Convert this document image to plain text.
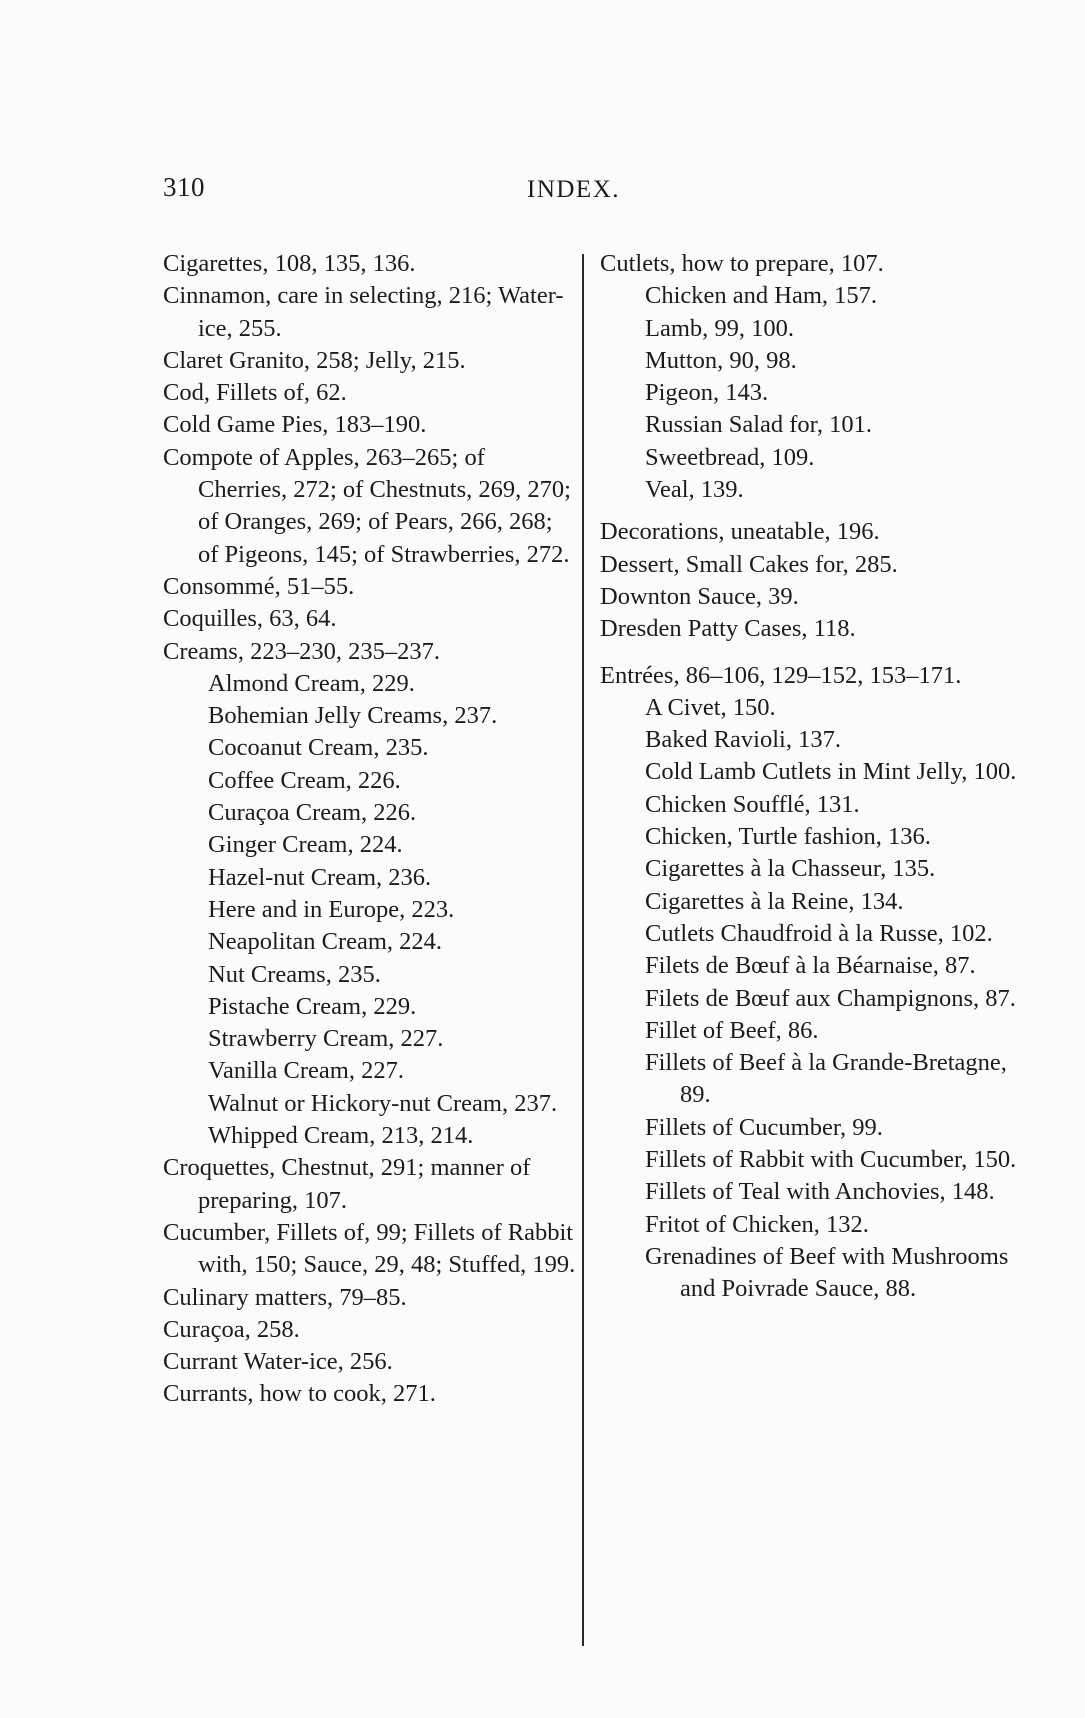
310	INDEX.

Cigarettes, 108, 135, 136.

Cinnamon, care in selecting, 216; Water-ice, 255.

Claret Granito, 258; Jelly, 215.

Cod, Fillets of, 62.

Cold Game Pies, 183–190.

Compote of Apples, 263–265; of Cherries, 272; of Chestnuts, 269, 270; of Oranges, 269; of Pears, 266, 268; of Pigeons, 145; of Strawberries, 272.

Consommé, 51–55.

Coquilles, 63, 64.

Creams, 223–230, 235–237.

Almond Cream, 229.

Bohemian Jelly Creams, 237.

Cocoanut Cream, 235.

Coffee Cream, 226.

Curaçoa Cream, 226.

Ginger Cream, 224.

Hazel-nut Cream, 236.

Here and in Europe, 223.

Neapolitan Cream, 224.

Nut Creams, 235.

Pistache Cream, 229.

Strawberry Cream, 227.

Vanilla Cream, 227.

Walnut or Hickory-nut Cream, 237.

Whipped Cream, 213, 214.

Croquettes, Chestnut, 291; manner of preparing, 107.

Cucumber, Fillets of, 99; Fillets of Rabbit with, 150; Sauce, 29, 48; Stuffed, 199.

Culinary matters, 79–85.

Curaçoa, 258.

Currant Water-ice, 256.

Currants, how to cook, 271.

Cutlets, how to prepare, 107.

Chicken and Ham, 157.

Lamb, 99, 100.

Mutton, 90, 98.

Pigeon, 143.

Russian Salad for, 101.

Sweetbread, 109.

Veal, 139.

Decorations, uneatable, 196.

Dessert, Small Cakes for, 285.

Downton Sauce, 39.

Dresden Patty Cases, 118.

Entrées, 86–106, 129–152, 153–171.

A Civet, 150.

Baked Ravioli, 137.

Cold Lamb Cutlets in Mint Jelly, 100.

Chicken Soufflé, 131.

Chicken, Turtle fashion, 136.

Cigarettes à la Chasseur, 135.

Cigarettes à la Reine, 134.

Cutlets Chaudfroid à la Russe, 102.

Filets de Bœuf à la Béarnaise, 87.

Filets de Bœuf aux Champignons, 87.

Fillet of Beef, 86.

Fillets of Beef à la Grande-Bretagne, 89.

Fillets of Cucumber, 99.

Fillets of Rabbit with Cucumber, 150.

Fillets of Teal with Anchovies, 148.

Fritot of Chicken, 132.

Grenadines of Beef with Mushrooms and Poivrade Sauce, 88.
